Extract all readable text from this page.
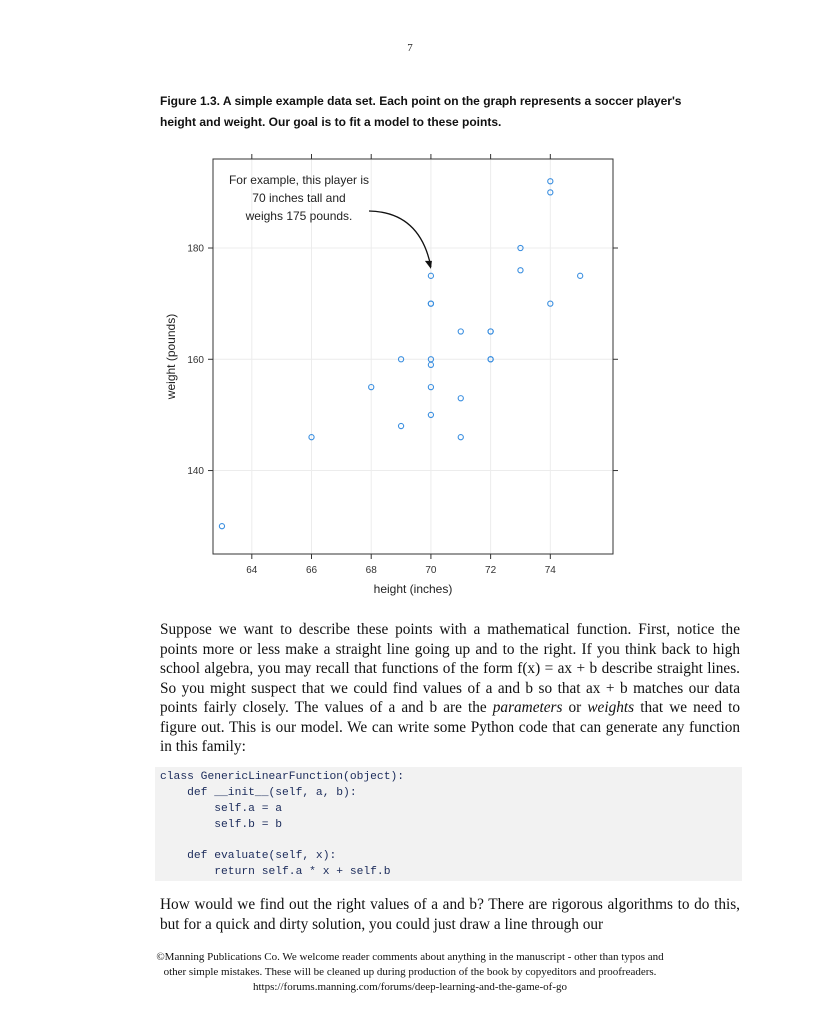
7
Figure 1.3. A simple example data set. Each point on the graph represents a soccer player's
height and weight. Our goal is to fit a model to these points.
64	66	68	70	72	74
140
160
180
height (inches)
weight (pounds)
For example, this player is
70 inches tall and
weighs 175 pounds.

Suppose we want to describe these points with a mathematical function. First, notice the points more or less make a straight line going up and to the right. If you think back to high school algebra, you may recall that functions of the form f(x) = ax + b describe straight lines. So you might suspect that we could find values of a and b so that ax + b matches our data points fairly closely. The values of a and b are the parameters or weights that we need to figure out. This is our model. We can write some Python code that can generate any function in this family:

class GenericLinearFunction(object):
def __init__(self, a, b):
self.a = a
self.b = b
def evaluate(self, x):
return self.a * x + self.b

How would we find out the right values of a and b? There are rigorous algorithms to do this, but for a quick and dirty solution, you could just draw a line through our

©Manning Publications Co. We welcome reader comments about anything in the manuscript - other than typos and
other simple mistakes. These will be cleaned up during production of the book by copyeditors and proofreaders.
https://forums.manning.com/forums/deep-learning-and-the-game-of-go
